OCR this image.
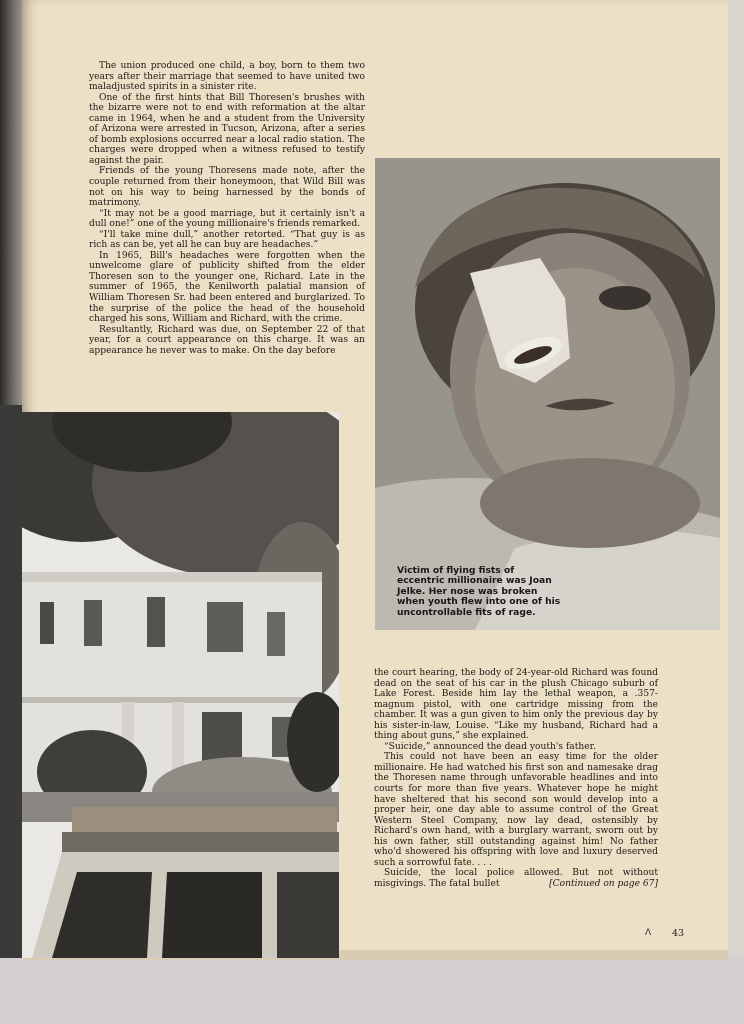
The union produced one child, a boy, born to them two years after their marriage that seemed to have united two maladjusted spirits in a sinister rite.

One of the first hints that Bill Thoresen's brushes with the bizarre were not to end with reformation at the altar came in 1964, when he and a student from the University of Arizona were arrested in Tucson, Arizona, after a series of bomb explosions occurred near a local radio station. The charges were dropped when a witness refused to testify against the pair.

Friends of the young Thoresens made note, after the couple returned from their honeymoon, that Wild Bill was not on his way to being harnessed by the bonds of matrimony.

“It may not be a good marriage, but it certainly isn't a dull one!” one of the young millionaire's friends remarked.

“I'll take mine dull,” another retorted. “That guy is as rich as can be, yet all he can buy are headaches.”

In 1965, Bill's headaches were forgotten when the unwelcome glare of publicity shifted from the elder Thoresen son to the younger one, Richard. Late in the summer of 1965, the Kenilworth palatial mansion of William Thoresen Sr. had been entered and burglarized. To the surprise of the police the head of the household charged his sons, William and Richard, with the crime.

Resultantly, Richard was due, on September 22 of that year, for a court appearance on this charge. It was an appearance he never was to make. On the day before

Victim of flying fists of

eccentric millionaire was Joan

Jelke. Her nose was broken

when youth flew into one of his

uncontrollable fits of rage.

the court hearing, the body of 24-year-old Richard was found dead on the seat of his car in the plush Chicago suburb of Lake Forest. Beside him lay the lethal weapon, a .357-magnum pistol, with one cartridge missing from the chamber. It was a gun given to him only the previous day by his sister-in-law, Louise. “Like my husband, Richard had a thing about guns,” she explained.

“Suicide,” announced the dead youth's father.

This could not have been an easy time for the older millionaire. He had watched his first son and namesake drag the Thoresen name through unfavorable headlines and into courts for more than five years. Whatever hope he might have sheltered that his second son would develop into a proper heir, one day able to assume control of the Great Western Steel Company, now lay dead, ostensibly by Richard's own hand, with a burglary warrant, sworn out by his own father, still outstanding against him! No father who'd showered his offspring with love and luxury deserved such a sorrowful fate. . . .

Suicide, the local police allowed. But not without misgivings. The fatal bullet	[Continued on page 67]

Λ 43
